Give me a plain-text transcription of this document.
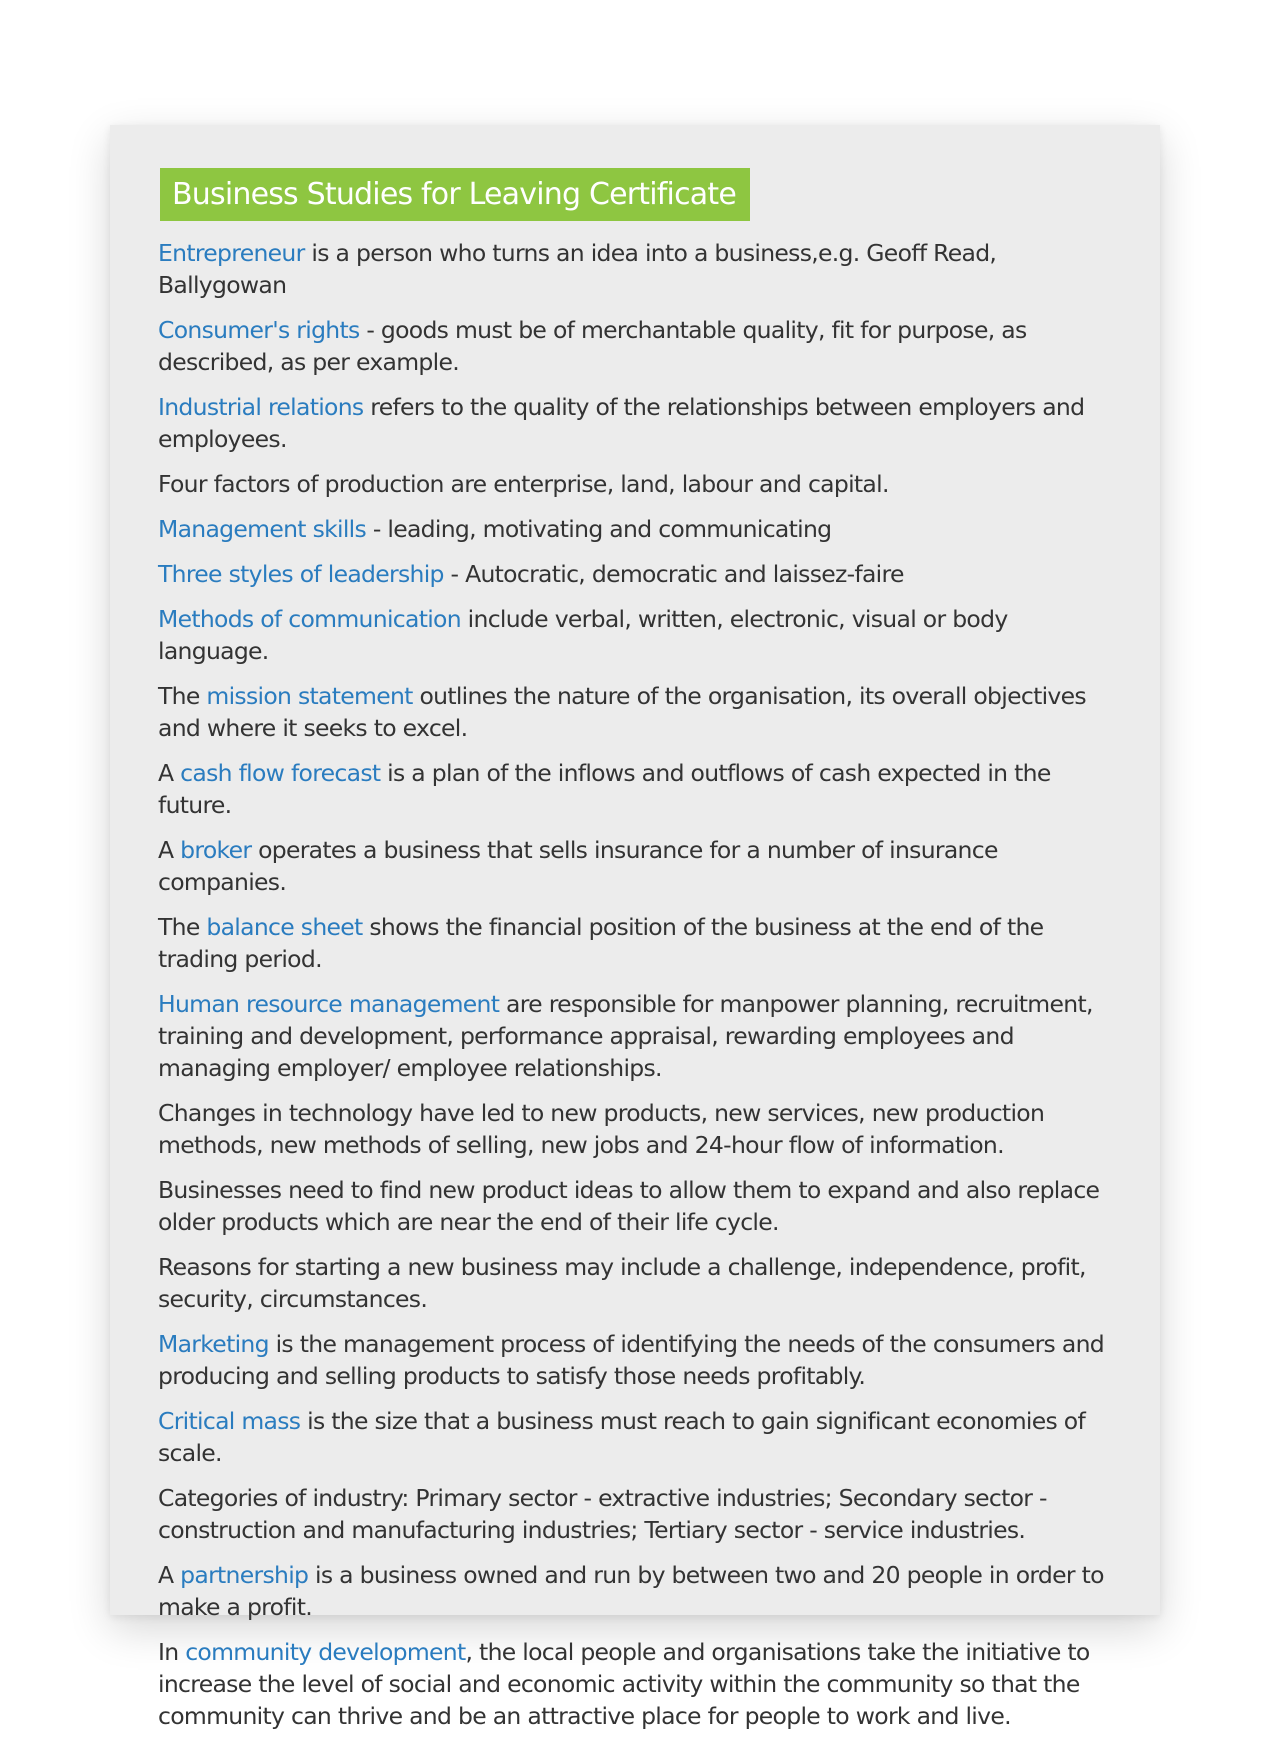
Business Studies for Leaving Certificate
Entrepreneur is a person who turns an idea into a business,e.g. Geoff Read, Ballygowan
Consumer's rights - goods must be of merchantable quality, fit for purpose, as described, as per example.
Industrial relations refers to the quality of the relationships between employers and employees.
Four factors of production are enterprise, land, labour and capital.
Management skills - leading, motivating and communicating
Three styles of leadership - Autocratic, democratic and laissez-faire
Methods of communication include verbal, written, electronic, visual or body language.
The mission statement outlines the nature of the organisation, its overall objectives and where it seeks to excel.
A cash flow forecast is a plan of the inflows and outflows of cash expected in the future.
A broker operates a business that sells insurance for a number of insurance companies.
The balance sheet shows the financial position of the business at the end of the trading period.
Human resource management are responsible for manpower planning, recruitment, training and development, performance appraisal, rewarding employees and managing employer/ employee relationships.
Changes in technology have led to new products, new services, new production methods, new methods of selling, new jobs and 24-hour flow of information.
Businesses need to find new product ideas to allow them to expand and also replace older products which are near the end of their life cycle.
Reasons for starting a new business may include a challenge, independence, profit, security, circumstances.
Marketing is the management process of identifying the needs of the consumers and producing and selling products to satisfy those needs profitably.
Critical mass is the size that a business must reach to gain significant economies of scale.
Categories of industry: Primary sector - extractive industries; Secondary sector - construction and manufacturing industries; Tertiary sector - service industries.
A partnership is a business owned and run by between two and 20 people in order to make a profit.
In community development, the local people and organisations take the initiative to increase the level of social and economic activity within the community so that the community can thrive and be an attractive place for people to work and live.
